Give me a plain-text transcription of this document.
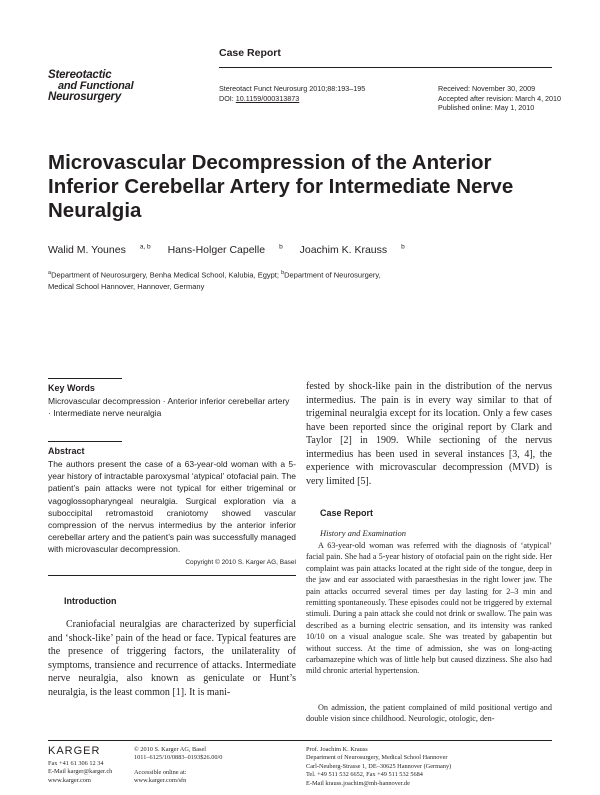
Case Report
Stereotactic
and Functional
Neurosurgery
Stereotact Funct Neurosurg 2010;88:193–195
DOI: 10.1159/000313873
Received: November 30, 2009
Accepted after revision: March 4, 2010
Published online: May 1, 2010
Microvascular Decompression of the Anterior Inferior Cerebellar Artery for Intermediate Nerve Neuralgia
Walid M. Younes $^{a, b}$ Hans-Holger Capelle $^b$ Joachim K. Krauss $^b$
$^a$Department of Neurosurgery, Benha Medical School, Kalubia, Egypt; $^b$Department of Neurosurgery,
Medical School Hannover, Hannover, Germany
Key Words
Microvascular decompression · Anterior inferior cerebellar artery · Intermediate nerve neuralgia
Abstract
The authors present the case of a 63-year-old woman with a 5-year history of intractable paroxysmal ‘atypical’ otofacial pain. The patient’s pain attacks were not typical for either trigeminal or vagoglossopharyngeal neuralgia. Surgical exploration via a suboccipital retromastoid craniotomy showed vascular compression of the nervus intermedius by the anterior inferior cerebellar artery and the patient’s pain was successfully managed with microvascular decompression.
Copyright © 2010 S. Karger AG, Basel
Introduction
Craniofacial neuralgias are characterized by superficial and ‘shock-like’ pain of the head or face. Typical features are the presence of triggering factors, the unilaterality of symptoms, transience and recurrence of attacks. Intermediate nerve neuralgia, also known as geniculate or Hunt’s neuralgia, is the least common [1]. It is mani-
fested by shock-like pain in the distribution of the nervus intermedius. The pain is in every way similar to that of trigeminal neuralgia except for its location. Only a few cases have been reported since the original report by Clark and Taylor [2] in 1909. While sectioning of the nervus intermedius has been used in several instances [3, 4], the experience with microvascular decompression (MVD) is very limited [5].
Case Report
History and Examination
A 63-year-old woman was referred with the diagnosis of ‘atypical’ facial pain. She had a 5-year history of otofacial pain on the right side. Her complaint was pain attacks located at the right side of the tongue, deep in the jaw and ear associated with paraesthesias in the right lower jaw. The pain attacks occurred several times per day lasting for 2–3 min and remitting spontaneously. These episodes could not be triggered by external stimuli. During a pain attack she could not drink or swallow. The pain was described as a burning electric sensation, and its intensity was ranked 10/10 on a visual analogue scale. She was treated by gabapentin but without success. At the time of admission, she was on long-acting carbamazepine which was of little help but caused dizziness. She also had mild chronic arterial hypertension.
On admission, the patient complained of mild positional vertigo and double vision since childhood. Neurologic, otologic, den-
KARGER
Fax +41 61 306 12 34
E-Mail karger@karger.ch
www.karger.com
© 2010 S. Karger AG, Basel
1011–6125/10/0883–0193$26.00/0
Accessible online at:
www.karger.com/sfn
Prof. Joachim K. Krauss
Department of Neurosurgery, Medical School Hannover
Carl-Neuberg-Strasse 1, DE–30625 Hannover (Germany)
Tel. +49 511 532 6652, Fax +49 511 532 5684
E-Mail krauss.joachim@mh-hannover.de
